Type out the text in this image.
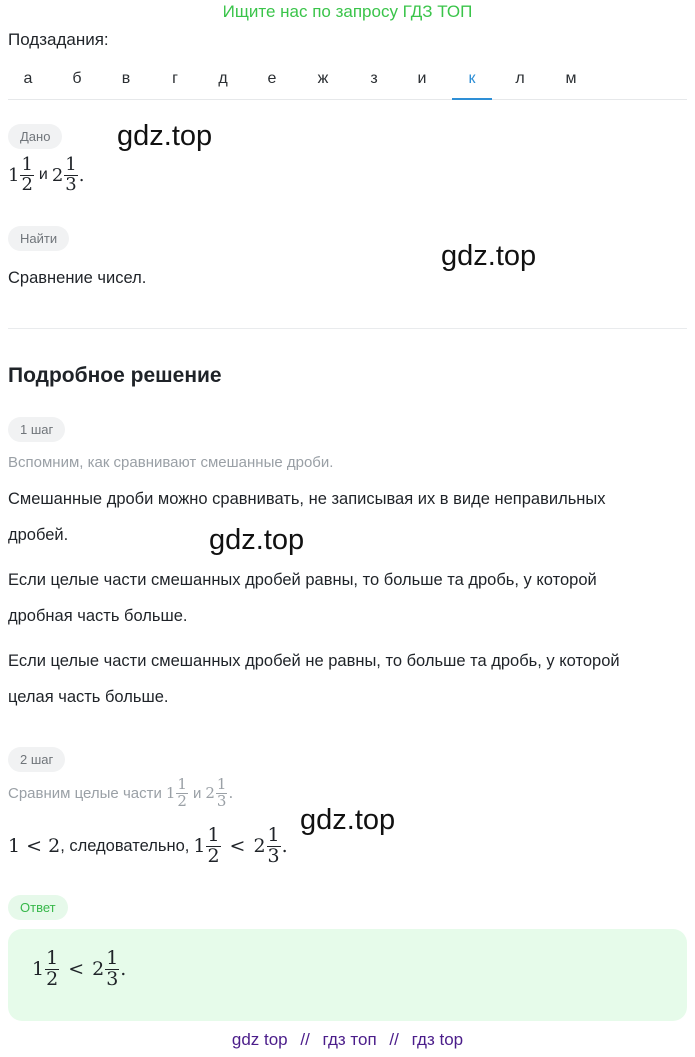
Ищите нас по запросу ГДЗ ТОП
Подзадания:
а	б	в	г	д	е	ж	з	и	к	л	м
Дано	gdz.top
$1 \frac{1}{2}$ и $2 \frac{1}{3}$ .
Найти
gdz.top
Сравнение чисел.
Подробное решение
1 шаг
Вспомним, как сравнивают смешанные дроби.
Смешанные дроби можно сравнивать, не записывая их в виде неправильных
дробей.	gdz.top
Если целые части смешанных дробей равны, то больше та дробь, у которой
дробная часть больше.
Если целые части смешанных дробей не равны, то больше та дробь, у которой
целая часть больше.
2 шаг
Сравним целые части $1 \frac{1}{2}$ и $2 \frac{1}{3}$ .
gdz.top
1 < 2 , следовательно, $1 \frac{1}{2} < 2 \frac{1}{3}$ .
Ответ
$1 \frac{1}{2} < 2 \frac{1}{3}$ .
gdz top // гдз топ // гдз top
